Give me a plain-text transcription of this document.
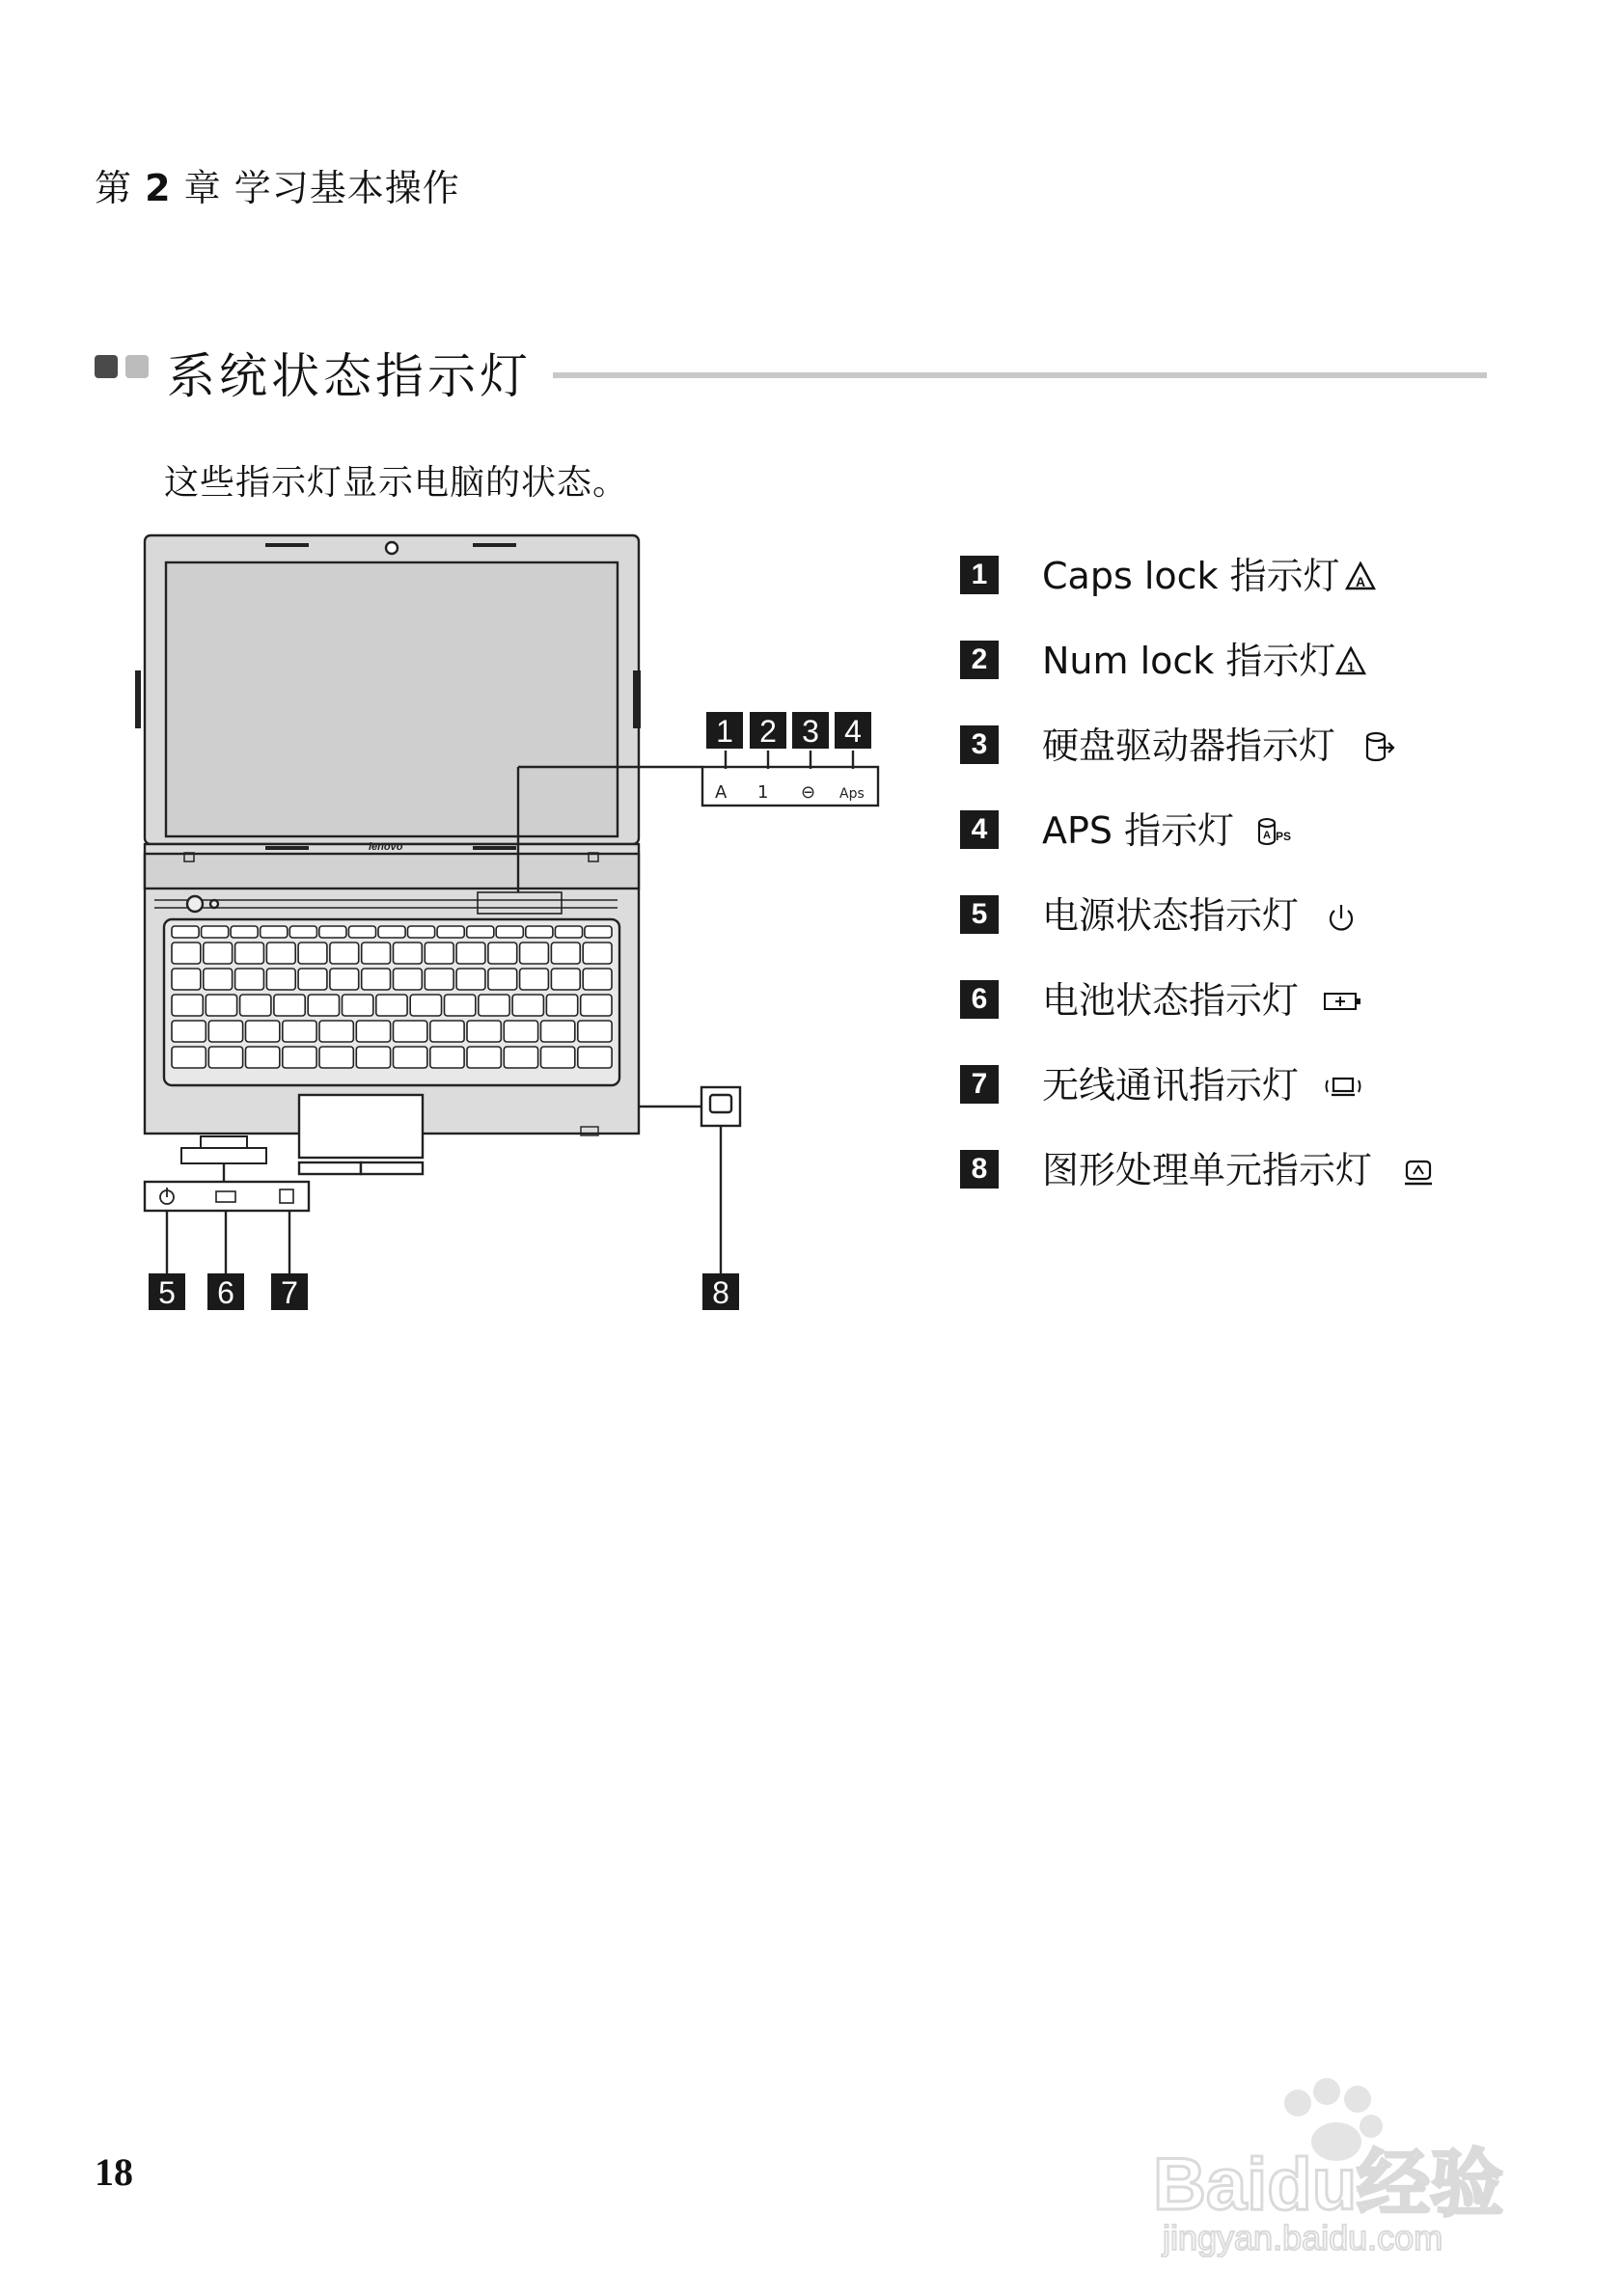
第 2 章 学习基本操作
系统状态指示灯
这些指示灯显示电脑的状态。
lenovo
A 1 ⊖ Aps
1 2 3 4
5 6 7	8
1	Caps lock 指示灯 A
2	Num lock 指示灯 1
3	硬盘驱动器指示灯
4	APS 指示灯	A PS
5	电源状态指示灯
6	电池状态指示灯
7	无线通讯指示灯
8	图形处理单元指示灯
18	Baidu经验
jingyan.baidu.com
